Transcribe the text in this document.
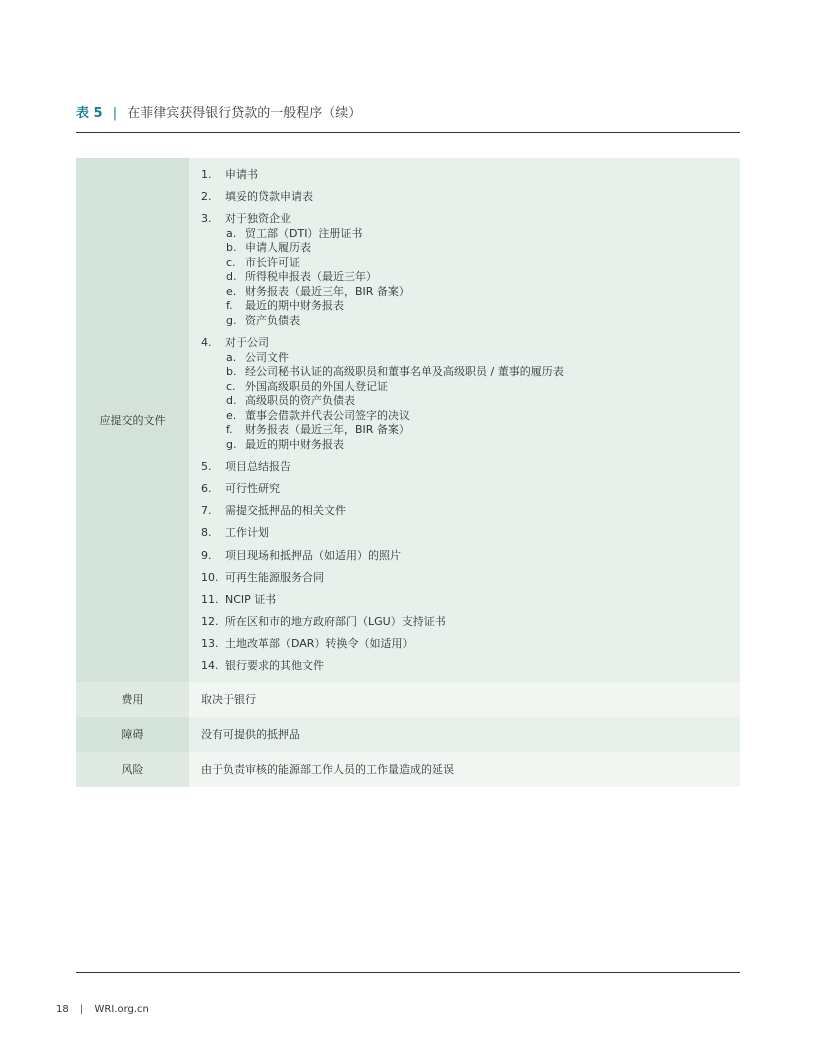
表 5 | 在菲律宾获得银行贷款的一般程序（续）
应提交的文件
1.	申请书
2.	填妥的贷款申请表
3.	对于独资企业
a. 贸工部（DTI）注册证书
b. 申请人履历表
c. 市长许可证
d. 所得税申报表（最近三年）
e. 财务报表（最近三年，BIR 备案）
f.	最近的期中财务报表
g. 资产负债表
4.	对于公司
a. 公司文件
b. 经公司秘书认证的高级职员和董事名单及高级职员 / 董事的履历表
c. 外国高级职员的外国人登记证
d. 高级职员的资产负债表
e. 董事会借款并代表公司签字的决议
f.	财务报表（最近三年，BIR 备案）
g. 最近的期中财务报表
5.	项目总结报告
6.	可行性研究
7.	需提交抵押品的相关文件
8.	工作计划
9.	项目现场和抵押品（如适用）的照片
10. 可再生能源服务合同
11. NCIP 证书
12. 所在区和市的地方政府部门（LGU）支持证书
13. 土地改革部（DAR）转换令（如适用）
14. 银行要求的其他文件
费用	取决于银行
障碍	没有可提供的抵押品
风险	由于负责审核的能源部工作人员的工作量造成的延误
18 | WRI.org.cn
